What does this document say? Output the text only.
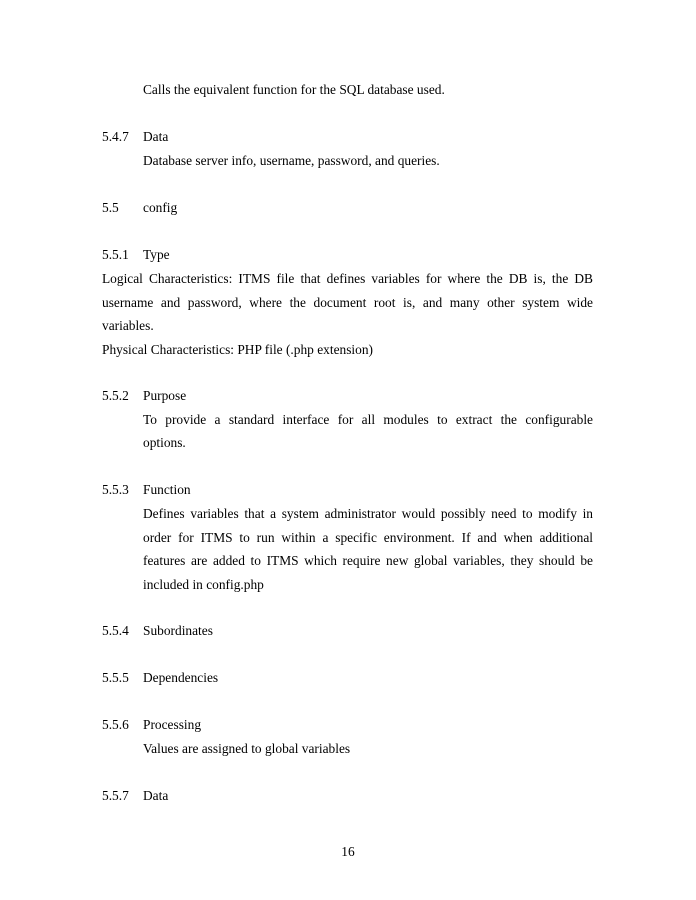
Calls the equivalent function for the SQL database used.
5.4.7 Data
Database server info, username, password, and queries.
5.5 config
5.5.1 Type
Logical Characteristics: ITMS file that defines variables for where the DB is, the DB
username and password, where the document root is, and many other system wide
variables.
Physical Characteristics: PHP file (.php extension)
5.5.2 Purpose
To provide a standard interface for all modules to extract the configurable
options.
5.5.3 Function
Defines variables that a system administrator would possibly need to modify in
order for ITMS to run within a specific environment. If and when additional
features are added to ITMS which require new global variables, they should be
included in config.php
5.5.4 Subordinates
5.5.5 Dependencies
5.5.6 Processing
Values are assigned to global variables
5.5.7 Data
16
